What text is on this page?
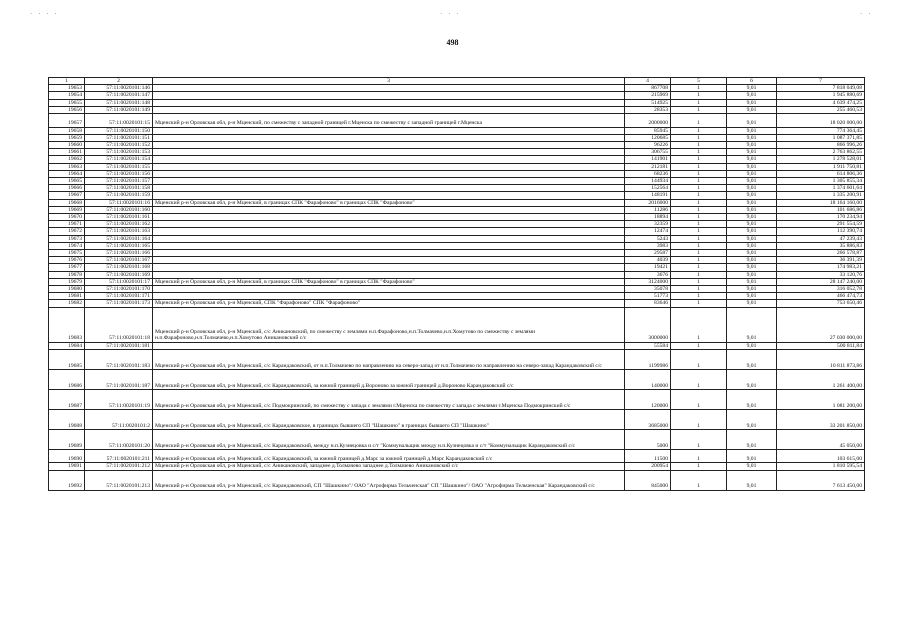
· · · ·	· · ·	· ·
498
1	2	3	4	5	6	7
19653	57:11:0020101:146		867708	1	9,01	7 818 049,08
19654	57:11:0020101:147		215969	1	9,01	1 945 880,69
19655	57:11:0020101:148		514925	1	9,01	4 639 474,25
19656	57:11:0020101:149		28353	1	9,01	255 460,53
19657	57:11:0020101:15	Мценский р-н Орловская обл, р-н Мценский, по смежеству с западной границей г.Мценска по смежеству с западной границей г.Мценска	2000000	1	9,01	18 020 000,00
19658	57:11:0020101:150		85945	1	9,01	774 364,45
19659	57:11:0020101:151		120685	1	9,01	1 087 371,85
19660	57:11:0020101:152		96226	1	9,01	866 996,26
19661	57:11:0020101:153		306755	1	9,01	2 763 862,55
19662	57:11:0020101:154		141901	1	9,01	1 278 528,01
19663	57:11:0020101:155		212181	1	9,01	1 911 750,81
19664	57:11:0020101:156		68236	1	9,01	614 806,36
19665	57:11:0020101:157		144934	1	9,01	1 305 855,34
19666	57:11:0020101:158		152564	1	9,01	1 374 601,64
19667	57:11:0020101:159		148191	1	9,01	1 335 200,91
19668	57:11:0020101:16	Мценский р-н Орловская обл, р-н Мценский, в границах СПК "Фарафоново" в границах СПК "Фарафоново"	2016000	1	9,01	18 164 160,00
19669	57:11:0020101:160		11286	1	9,01	101 686,86
19670	57:11:0020101:161		18894	1	9,01	170 234,94
19671	57:11:0020101:162		32359	1	9,01	291 554,59
19672	57:11:0020101:163		12474	1	9,01	112 390,74
19673	57:11:0020101:164		5243	1	9,01	47 239,43
19674	57:11:0020101:165		3983	1	9,01	35 886,83
19675	57:11:0020101:166		29587	1	9,01	266 578,87
19676	57:11:0020101:167		4039	1	9,01	36 391,39
19677	57:11:0020101:168		19421	1	9,01	174 983,21
19678	57:11:0020101:169		3676	1	9,01	33 120,76
19679	57:11:0020101:17	Мценский р-н Орловская обл, р-н Мценский, в границах СПК "Фарафоново" в границах СПК "Фарафоново"	3124000	1	9,01	28 147 240,00
19680	57:11:0020101:170		35078	1	9,01	316 052,78
19681	57:11:0020101:171		51773	1	9,01	466 474,73
19682	57:11:0020101:173	Мценский р-н Орловская обл, р-н Мценский, СПК "Фарафоново" СПК "Фарафоново"	83646	1	9,01	753 650,46
19683	57:11:0020101:18	Мценский р-н Орловская обл, р-н Мценский, с/с Аникановский, по смежеству с землями н.п.Фарафоново,н.п.Толмачево,н.п.Хомутово по смежеству с землями н.п.Фарафоново,н.п.Толмачево,н.п.Хомутово Аникановский с/с	3000000	1	9,01	27 030 000,00
19684	57:11:0020101:181		55584	1	9,01	500 811,84
19685	57:11:0020101:183	Мценский р-н Орловская обл, р-н Мценский, с/с Карандаковский, от н.п.Толмачево по направлению на северо-запад от н.п.Толмачево по направлению на северо-запад Карандаковский с/с	1199986	1	9,01	10 811 873,86
19686	57:11:0020101:187	Мценский р-н Орловская обл, р-н Мценский, с/с Карандаковский, за южной границей д.Вороново за южной границей д.Вороново Карандаковский с/с	140000	1	9,01	1 261 400,00
19687	57:11:0020101:19	Мценский р-н Орловская обл, р-н Мценский, с/с Подмокринский, по смежеству с запада с землями г.Мценска по смежеству с запада с землями г.Мценска Подмокринский с/с	120000	1	9,01	1 081 200,00
19688	57:11:0020101:2	Мценский р-н Орловская обл, р-н Мценский, с/с Карандаковское, в границах бывшего СП "Шашкино" в границах бывшего СП "Шашкино"	3685000	1	9,01	33 201 850,00
19689	57:11:0020101:20	Мценский р-н Орловская обл, р-н Мценский, с/с Карандаковский, между н.п.Кузнецовка и с/т "Коммунальщик между н.п.Кузнецовка и с/т "Коммунальщик Карандаковский с/с	5000	1	9,01	45 050,00
19690	57:11:0020101:211	Мценский р-н Орловская обл, р-н Мценский, с/с Карандаковский, за южной границей д.Марс за южной границей д.Марс Карандаковский с/с	11500	1	9,01	103 615,00
19691	57:11:0020101:212	Мценский р-н Орловская обл, р-н Мценский, с/с Аникановский, западнее д.Толмачево западнее д.Толмачево Аникановский с/с	200954	1	9,01	1 810 595,54
19692	57:11:0020101:213	Мценский р-н Орловская обл, р-н Мценский, с/с Карандаковский, СП "Шашкино"/ ОАО "Агрофирма Тельченская" СП "Шашкино"/ ОАО "Агрофирма Тельченская" Карандаковский с/с	845000	1	9,01	7 613 450,00
